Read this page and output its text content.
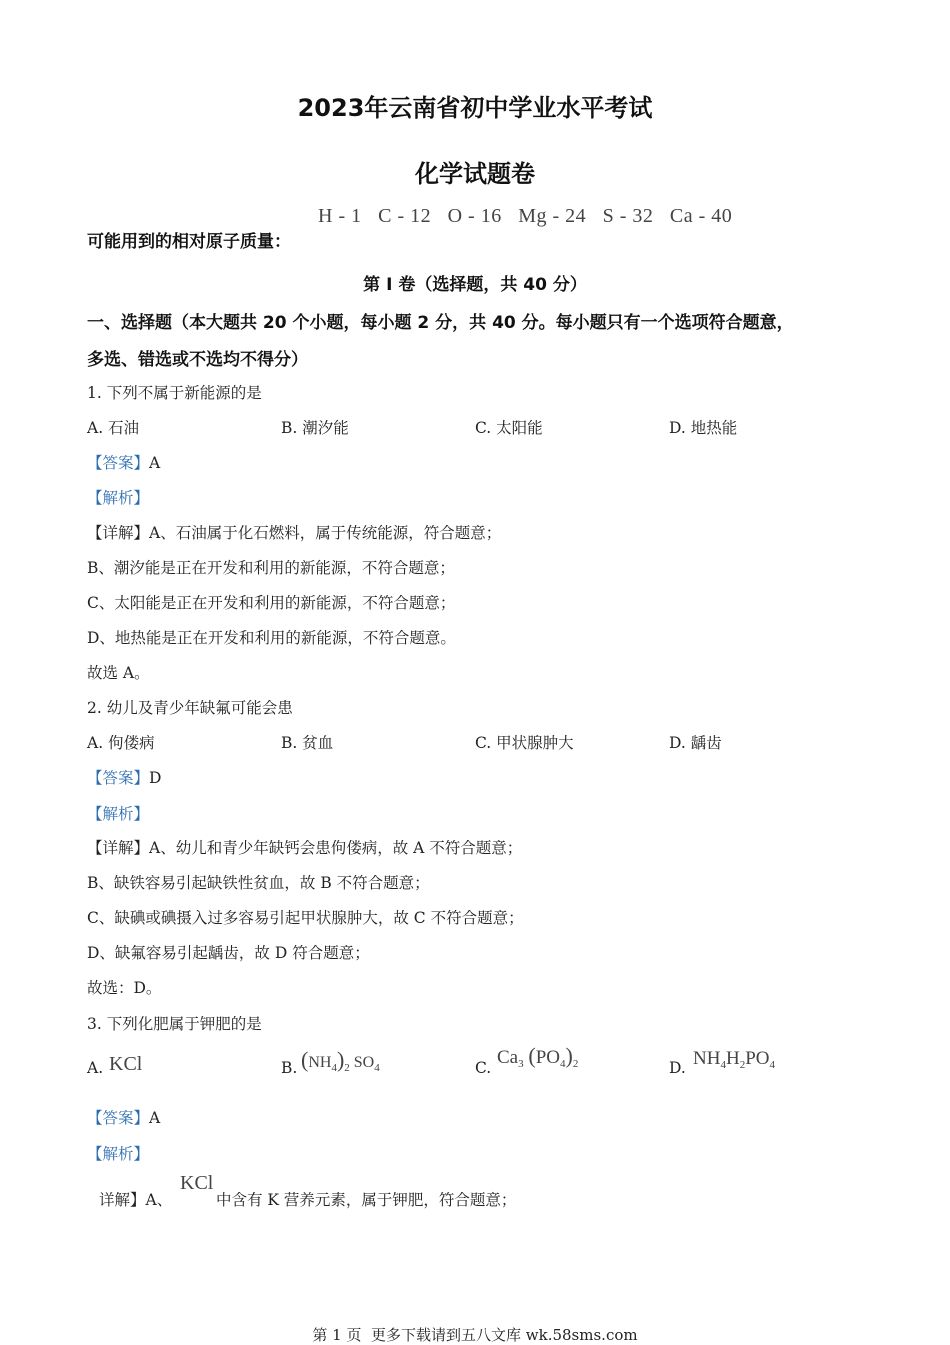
2023年云南省初中学业水平考试
化学试题卷
可能用到的相对原子质量：
H - 1   C - 12   O - 16   Mg - 24   S - 32   Ca - 40
第 I 卷（选择题，共 40 分）
一、选择题（本大题共 20 个小题，每小题 2 分，共 40 分。每小题只有一个选项符合题意，
多选、错选或不选均不得分）
1. 下列不属于新能源的是
A. 石油	B. 潮汐能	C. 太阳能	D. 地热能
【答案】A
【解析】
【详解】A、石油属于化石燃料，属于传统能源，符合题意；
B、潮汐能是正在开发和利用的新能源，不符合题意；
C、太阳能是正在开发和利用的新能源，不符合题意；
D、地热能是正在开发和利用的新能源，不符合题意。
故选 A。
2. 幼儿及青少年缺氟可能会患
A. 佝偻病	B. 贫血	C. 甲状腺肿大	D. 龋齿
【答案】D
【解析】
【详解】A、幼儿和青少年缺钙会患佝偻病，故 A 不符合题意；
B、缺铁容易引起缺铁性贫血，故 B 不符合题意；
C、缺碘或碘摄入过多容易引起甲状腺肿大，故 C 不符合题意；
D、缺氟容易引起龋齿，故 D 符合题意；
故选：D。
3. 下列化肥属于钾肥的是
A. KCl	B. $(NH_4)_2$ $SO_4$	C. $Ca_3$ $(PO_4)_2$	D. $NH_4H_2PO_4$
【答案】A
【解析】
详解】A、
KCl
中含有 K 营养元素，属于钾肥，符合题意；
第 1 页  更多下载请到五八文库 wk.58sms.com
